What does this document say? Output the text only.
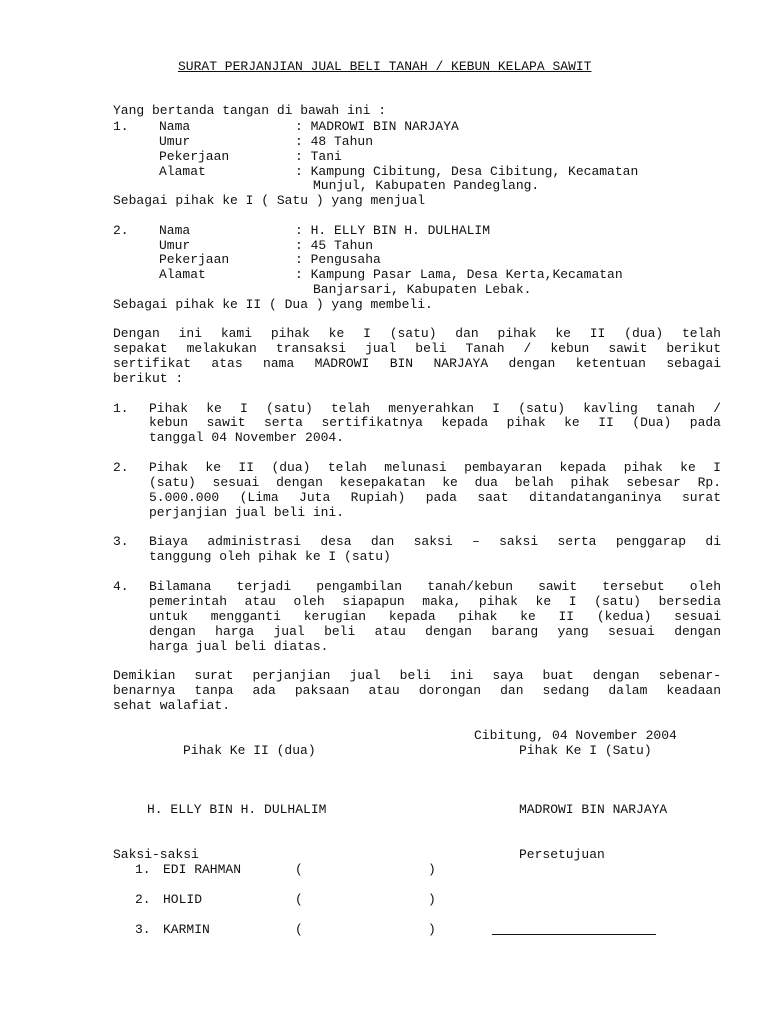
SURAT PERJANJIAN JUAL BELI TANAH / KEBUN KELAPA SAWIT
Yang bertanda tangan di bawah ini :
1. Nama	: MADROWI BIN NARJAYA
Umur	: 48 Tahun
Pekerjaan	: Tani
Alamat	: Kampung Cibitung, Desa Cibitung, Kecamatan
Munjul, Kabupaten Pandeglang.
Sebagai pihak ke I ( Satu ) yang menjual
2. Nama	: H. ELLY BIN H. DULHALIM
Umur	: 45 Tahun
Pekerjaan	: Pengusaha
Alamat	: Kampung Pasar Lama, Desa Kerta,Kecamatan
Banjarsari, Kabupaten Lebak.
Sebagai pihak ke II ( Dua ) yang membeli.
Dengan ini kami pihak ke I (satu) dan pihak ke II (dua) telah
sepakat melakukan transaksi jual beli Tanah / kebun sawit berikut
sertifikat atas nama MADROWI BIN NARJAYA dengan ketentuan sebagai
berikut :
1. Pihak ke I (satu) telah menyerahkan I (satu) kavling tanah /
kebun sawit serta sertifikatnya kepada pihak ke II (Dua) pada
tanggal 04 November 2004.
2. Pihak ke II (dua) telah melunasi pembayaran kepada pihak ke I
(satu) sesuai dengan kesepakatan ke dua belah pihak sebesar Rp.
5.000.000 (Lima Juta Rupiah) pada saat ditandatanganinya surat
perjanjian jual beli ini.
3. Biaya administrasi desa dan saksi – saksi serta penggarap di
tanggung oleh pihak ke I (satu)
4. Bilamana terjadi pengambilan tanah/kebun sawit tersebut oleh
pemerintah atau oleh siapapun maka, pihak ke I (satu) bersedia
untuk mengganti kerugian kepada pihak ke II (kedua) sesuai
dengan harga jual beli atau dengan barang yang sesuai dengan
harga jual beli diatas.
Demikian surat perjanjian jual beli ini saya buat dengan sebenar-
benarnya tanpa ada paksaan atau dorongan dan sedang dalam keadaan
sehat walafiat.
Cibitung, 04 November 2004
Pihak Ke II (dua)	Pihak Ke I (Satu)
H. ELLY BIN H. DULHALIM	MADROWI BIN NARJAYA
Saksi-saksi	Persetujuan
1. EDI RAHMAN	(	)
2. HOLID	(	)
3. KARMIN	(	)
